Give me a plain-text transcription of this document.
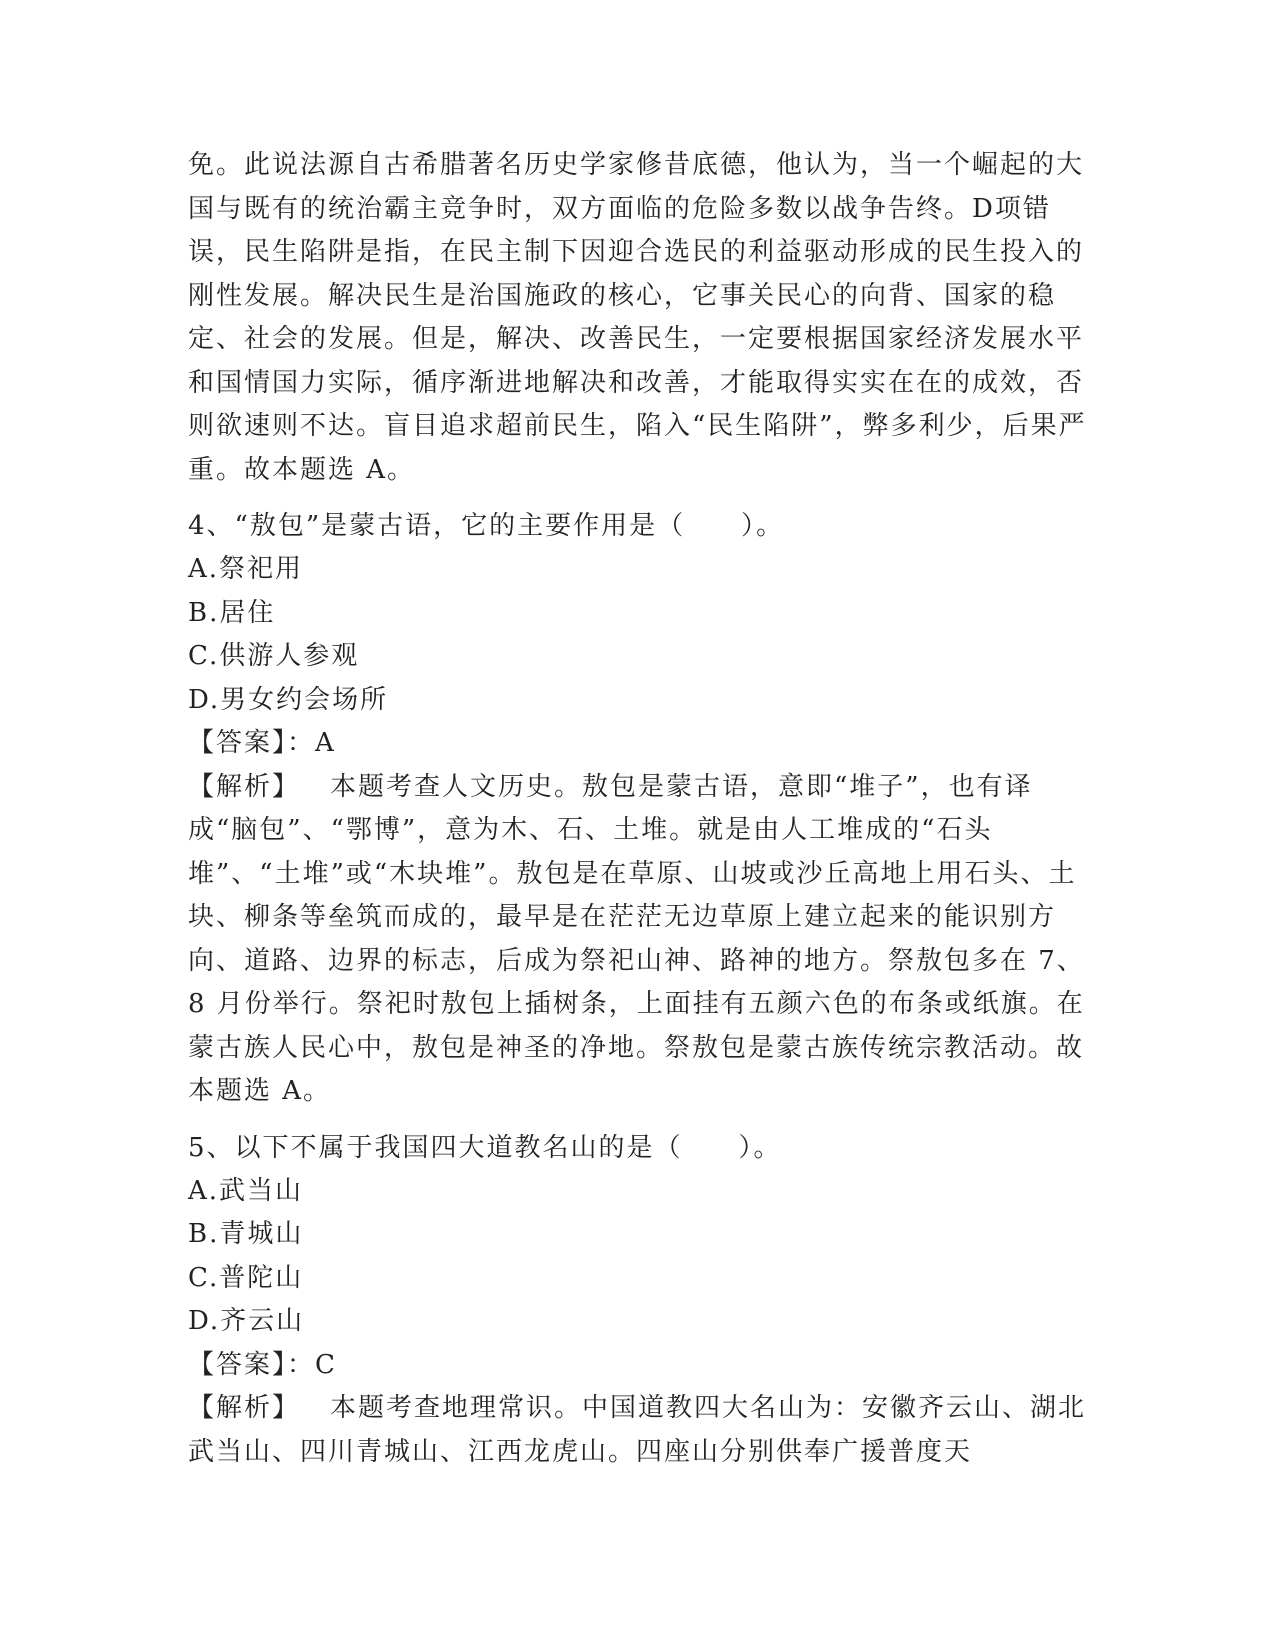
免。此说法源自古希腊著名历史学家修昔底德，他认为，当一个崛起的大国与既有的统治霸主竞争时，双方面临的危险多数以战争告终。D项错误，民生陷阱是指，在民主制下因迎合选民的利益驱动形成的民生投入的刚性发展。解决民生是治国施政的核心，它事关民心的向背、国家的稳定、社会的发展。但是，解决、改善民生，一定要根据国家经济发展水平和国情国力实际，循序渐进地解决和改善，才能取得实实在在的成效，否则欲速则不达。盲目追求超前民生，陷入“民生陷阱”，弊多利少，后果严重。故本题选 A。

4、“敖包”是蒙古语，它的主要作用是（　　）。

A.祭祀用

B.居住

C.供游人参观

D.男女约会场所

【答案】：A

【解析】 本题考查人文历史。敖包是蒙古语，意即“堆子”，也有译成“脑包”、“鄂博”，意为木、石、土堆。就是由人工堆成的“石头堆”、“土堆”或“木块堆”。敖包是在草原、山坡或沙丘高地上用石头、土块、柳条等垒筑而成的，最早是在茫茫无边草原上建立起来的能识别方向、道路、边界的标志，后成为祭祀山神、路神的地方。祭敖包多在 7、8 月份举行。祭祀时敖包上插树条，上面挂有五颜六色的布条或纸旗。在蒙古族人民心中，敖包是神圣的净地。祭敖包是蒙古族传统宗教活动。故本题选 A。

5、以下不属于我国四大道教名山的是（　　）。

A.武当山

B.青城山

C.普陀山

D.齐云山

【答案】：C

【解析】 本题考查地理常识。中国道教四大名山为：安徽齐云山、湖北武当山、四川青城山、江西龙虎山。四座山分别供奉广援普度天
